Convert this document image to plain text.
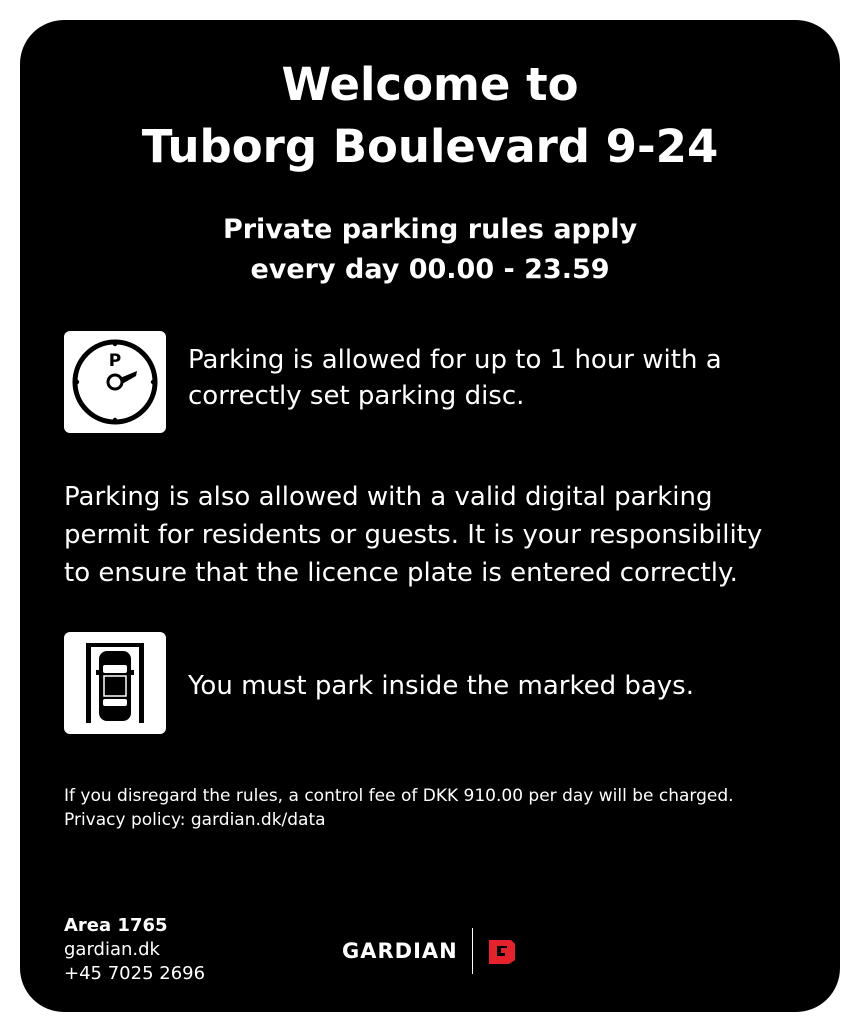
Welcome to
Tuborg Boulevard 9-24
Private parking rules apply
every day 00.00 - 23.59
P	Parking is allowed for up to 1 hour with a
correctly set parking disc.
Parking is also allowed with a valid digital parking
permit for residents or guests. It is your responsibility
to ensure that the licence plate is entered correctly.
You must park inside the marked bays.
If you disregard the rules, a control fee of DKK 910.00 per day will be charged.
Privacy policy: gardian.dk/data
Area 1765
gardian.dk
+45 7025 2696
GARDIAN
